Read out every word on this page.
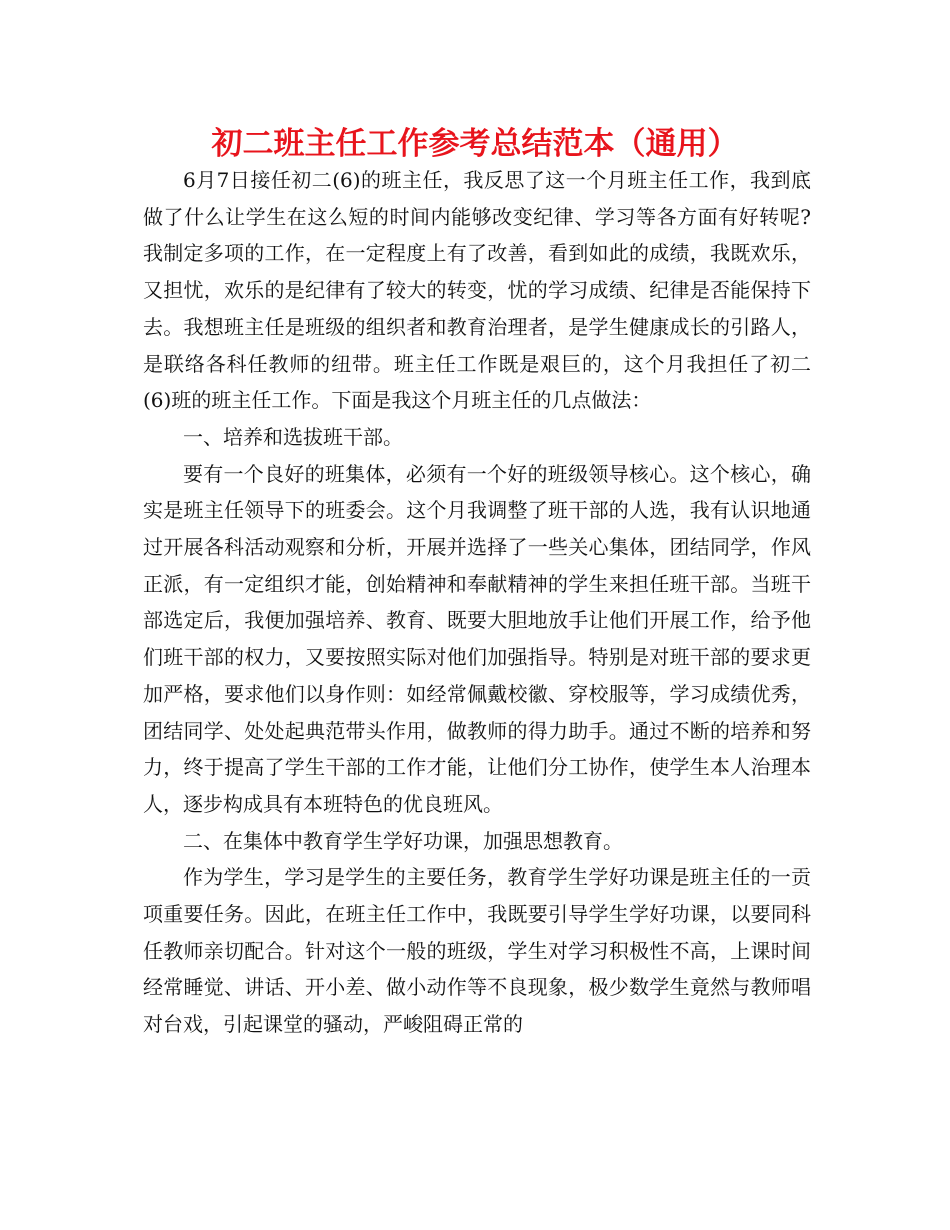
初二班主任工作参考总结范本（通用）

6月7日接任初二(6)的班主任，我反思了这一个月班主任工作，我到底做了什么让学生在这么短的时间内能够改变纪律、学习等各方面有好转呢?我制定多项的工作，在一定程度上有了改善，看到如此的成绩，我既欢乐，又担忧，欢乐的是纪律有了较大的转变，忧的学习成绩、纪律是否能保持下去。我想班主任是班级的组织者和教育治理者，是学生健康成长的引路人，是联络各科任教师的纽带。班主任工作既是艰巨的，这个月我担任了初二(6)班的班主任工作。下面是我这个月班主任的几点做法：

一、培养和选拔班干部。

要有一个良好的班集体，必须有一个好的班级领导核心。这个核心，确实是班主任领导下的班委会。这个月我调整了班干部的人选，我有认识地通过开展各科活动观察和分析，开展并选择了一些关心集体，团结同学，作风正派，有一定组织才能，创始精神和奉献精神的学生来担任班干部。当班干部选定后，我便加强培养、教育、既要大胆地放手让他们开展工作，给予他们班干部的权力，又要按照实际对他们加强指导。特别是对班干部的要求更加严格，要求他们以身作则：如经常佩戴校徽、穿校服等，学习成绩优秀，团结同学、处处起典范带头作用，做教师的得力助手。通过不断的培养和努力，终于提高了学生干部的工作才能，让他们分工协作，使学生本人治理本人，逐步构成具有本班特色的优良班风。

二、在集体中教育学生学好功课，加强思想教育。

作为学生，学习是学生的主要任务，教育学生学好功课是班主任的一贡项重要任务。因此，在班主任工作中，我既要引导学生学好功课，以要同科任教师亲切配合。针对这个一般的班级，学生对学习积极性不高，上课时间经常睡觉、讲话、开小差、做小动作等不良现象，极少数学生竟然与教师唱对台戏，引起课堂的骚动，严峻阻碍正常的
